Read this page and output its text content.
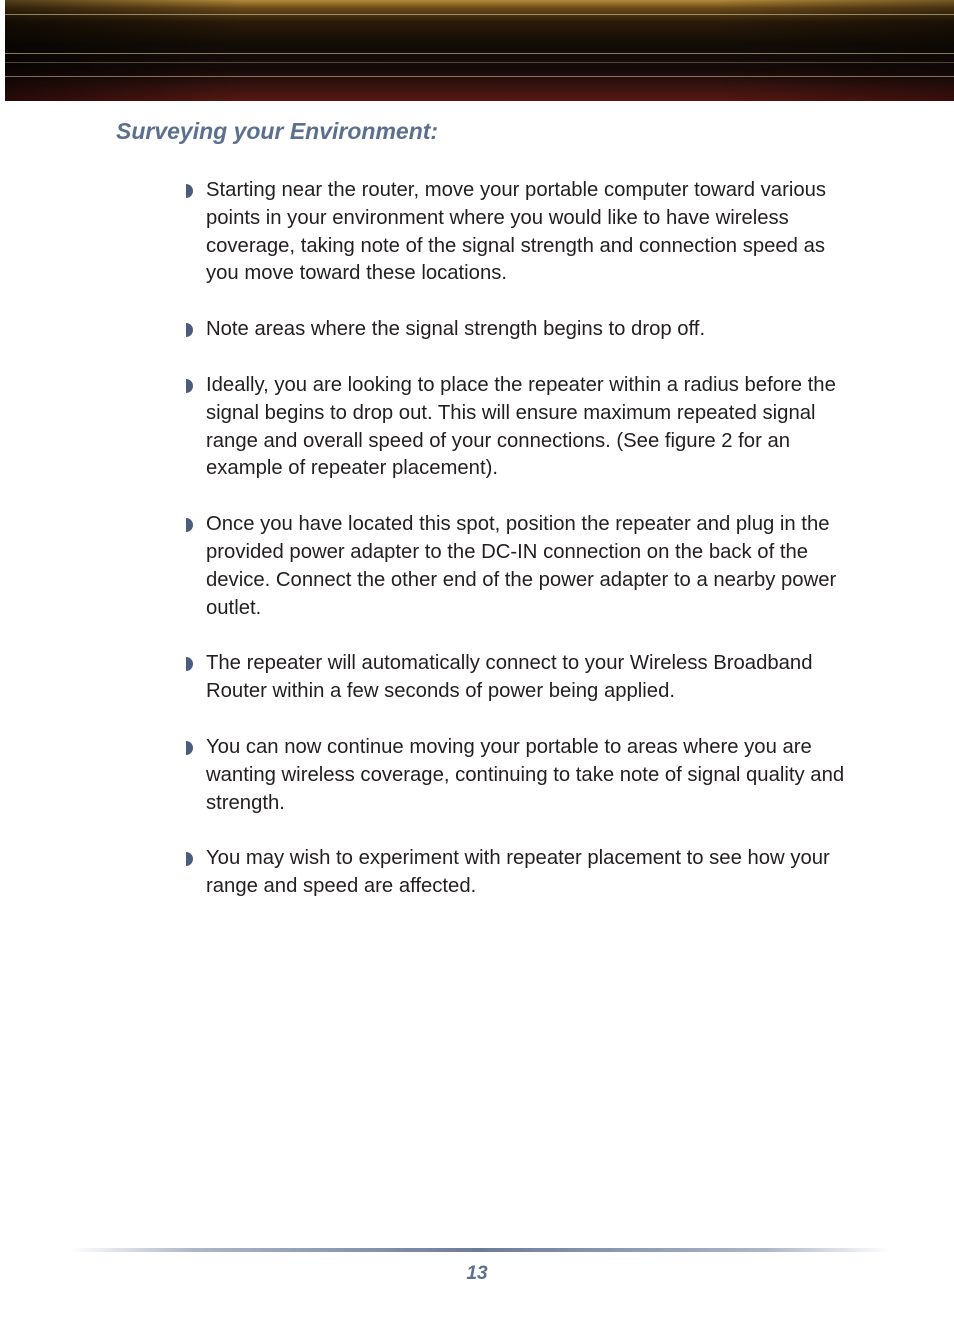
Surveying your Environment:
Starting near the router, move your portable computer toward various points in your environment where you would like to have wireless coverage, taking note of the signal strength and connection speed as you move toward these locations.
Note areas where the signal strength begins to drop off.
Ideally, you are looking to place the repeater within a radius before the signal begins to drop out. This will ensure maximum repeated signal range and overall speed of your connections. (See figure 2 for an example of repeater placement).
Once you have located this spot, position the repeater and plug in the provided power adapter to the DC-IN connection on the back of the device. Connect the other end of the power adapter to a nearby power outlet.
The repeater will automatically connect to your Wireless Broadband Router within a few seconds of power being applied.
You can now continue moving your portable to areas where you are wanting wireless coverage, continuing to take note of signal quality and strength.
You may wish to experiment with repeater placement to see how your range and speed are affected.
13
